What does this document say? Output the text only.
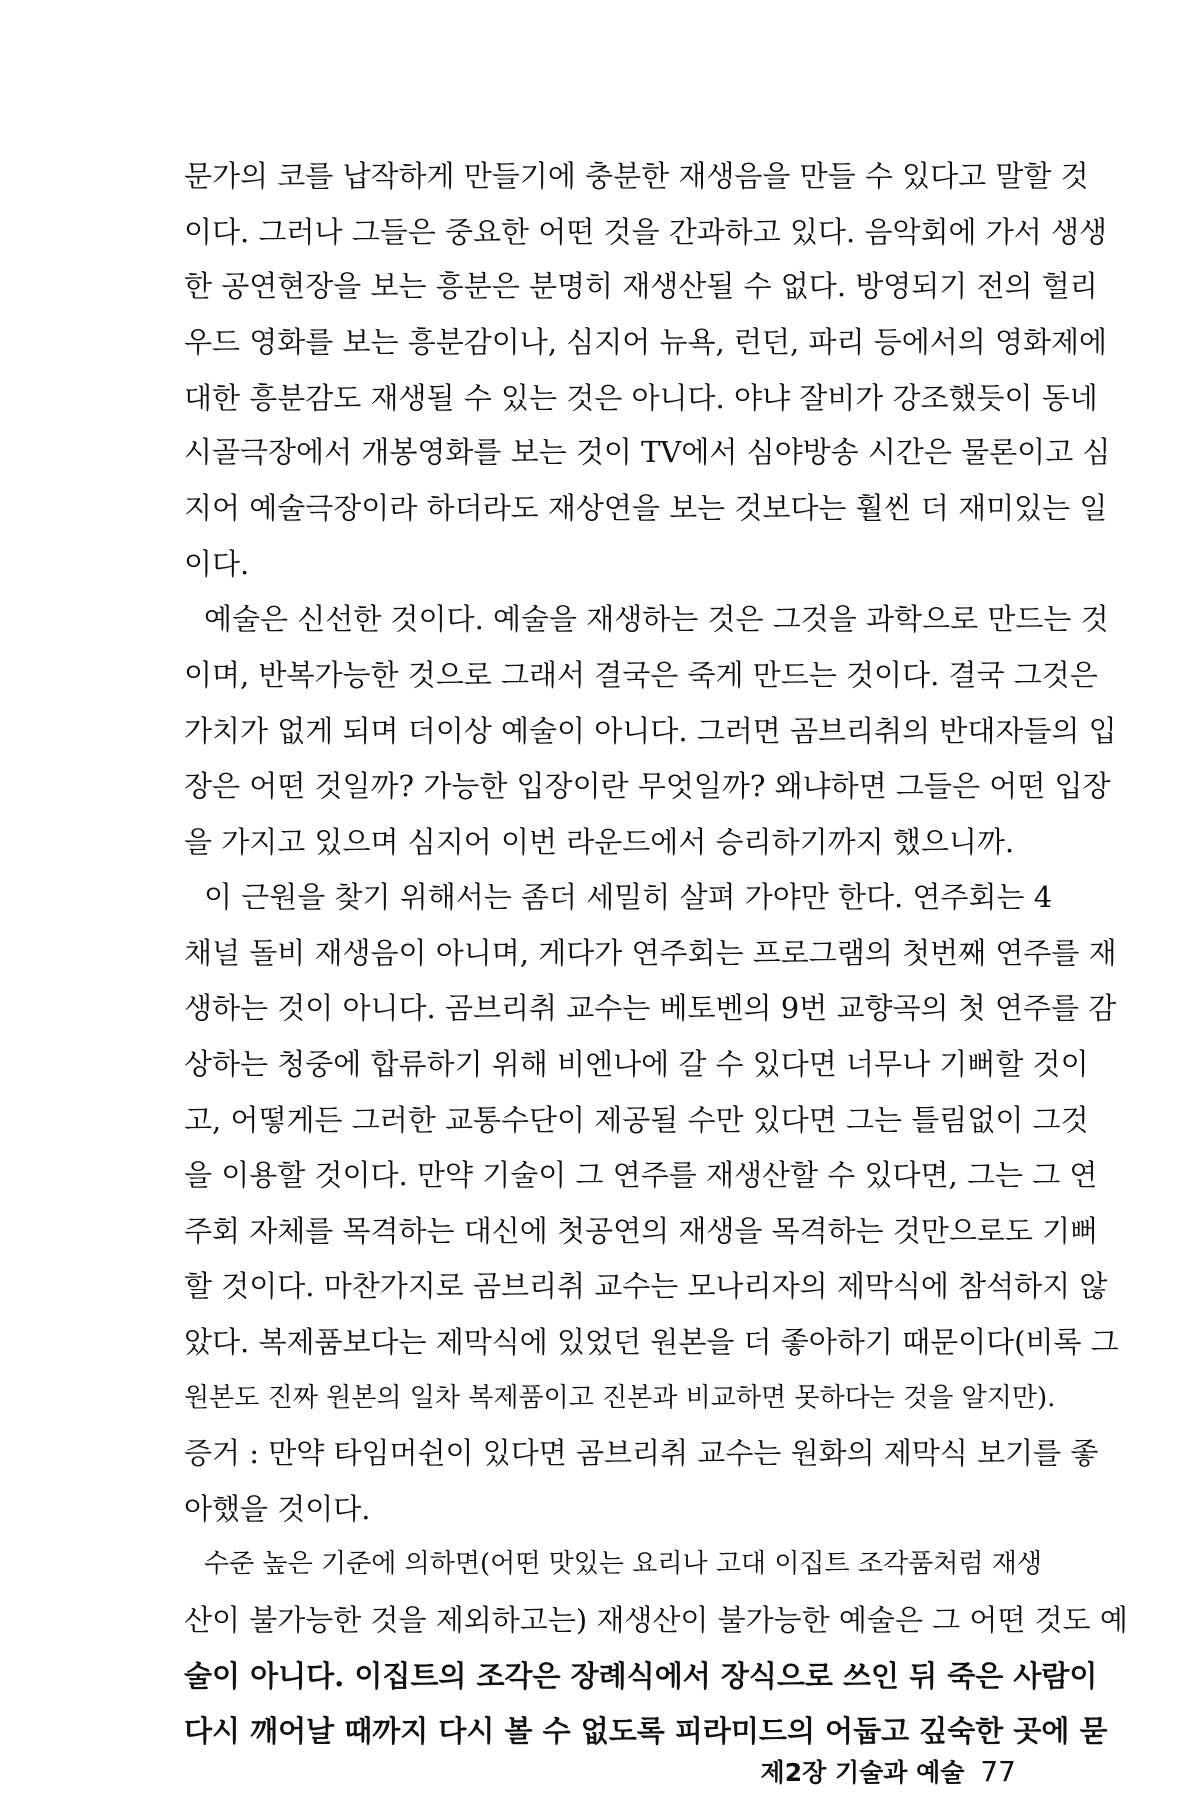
문가의 코를 납작하게 만들기에 충분한 재생음을 만들 수 있다고 말할 것
이다. 그러나 그들은 중요한 어떤 것을 간과하고 있다. 음악회에 가서 생생
한 공연현장을 보는 흥분은 분명히 재생산될 수 없다. 방영되기 전의 헐리
우드 영화를 보는 흥분감이나, 심지어 뉴욕, 런던, 파리 등에서의 영화제에
대한 흥분감도 재생될 수 있는 것은 아니다. 야냐 잘비가 강조했듯이 동네
시골극장에서 개봉영화를 보는 것이 TV에서 심야방송 시간은 물론이고 심
지어 예술극장이라 하더라도 재상연을 보는 것보다는 훨씬 더 재미있는 일
이다.
예술은 신선한 것이다. 예술을 재생하는 것은 그것을 과학으로 만드는 것
이며, 반복가능한 것으로 그래서 결국은 죽게 만드는 것이다. 결국 그것은
가치가 없게 되며 더이상 예술이 아니다. 그러면 곰브리취의 반대자들의 입
장은 어떤 것일까? 가능한 입장이란 무엇일까? 왜냐하면 그들은 어떤 입장
을 가지고 있으며 심지어 이번 라운드에서 승리하기까지 했으니까.
이 근원을 찾기 위해서는 좀더 세밀히 살펴 가야만 한다. 연주회는 4
채널 돌비 재생음이 아니며, 게다가 연주회는 프로그램의 첫번째 연주를 재
생하는 것이 아니다. 곰브리취 교수는 베토벤의 9번 교향곡의 첫 연주를 감
상하는 청중에 합류하기 위해 비엔나에 갈 수 있다면 너무나 기뻐할 것이
고, 어떻게든 그러한 교통수단이 제공될 수만 있다면 그는 틀림없이 그것
을 이용할 것이다. 만약 기술이 그 연주를 재생산할 수 있다면, 그는 그 연
주회 자체를 목격하는 대신에 첫공연의 재생을 목격하는 것만으로도 기뻐
할 것이다. 마찬가지로 곰브리취 교수는 모나리자의 제막식에 참석하지 않
았다. 복제품보다는 제막식에 있었던 원본을 더 좋아하기 때문이다(비록 그
원본도 진짜 원본의 일차 복제품이고 진본과 비교하면 못하다는 것을 알지만).
증거 : 만약 타임머쉰이 있다면 곰브리취 교수는 원화의 제막식 보기를 좋
아했을 것이다.
수준 높은 기준에 의하면(어떤 맛있는 요리나 고대 이집트 조각품처럼 재생
산이 불가능한 것을 제외하고는) 재생산이 불가능한 예술은 그 어떤 것도 예
술이 아니다. 이집트의 조각은 장례식에서 장식으로 쓰인 뒤 죽은 사람이
다시 깨어날 때까지 다시 볼 수 없도록 피라미드의 어둡고 깊숙한 곳에 묻
제2장 기술과 예술 77
